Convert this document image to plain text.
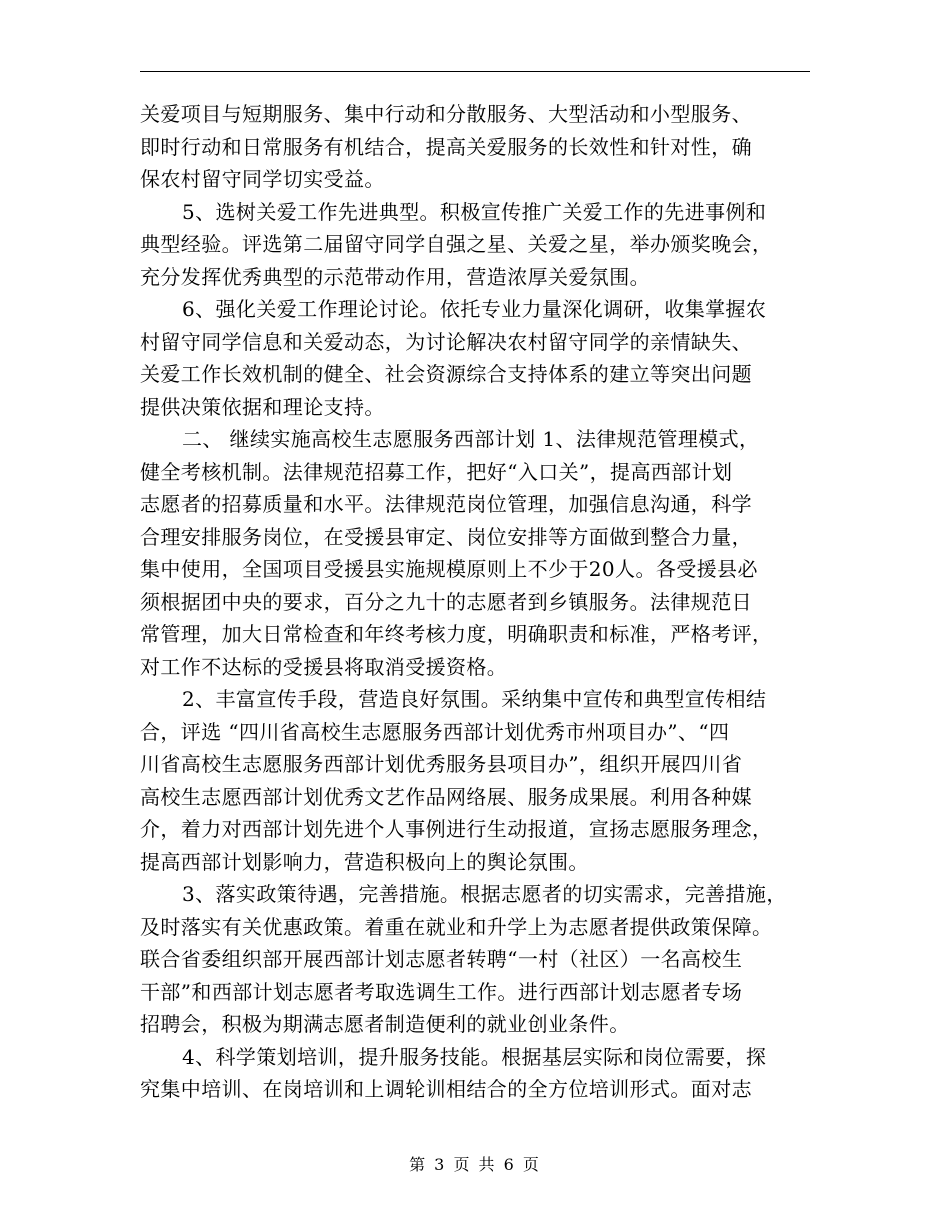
关爱项目与短期服务、集中行动和分散服务、大型活动和小型服务、
即时行动和日常服务有机结合，提高关爱服务的长效性和针对性，确
保农村留守同学切实受益。
5、选树关爱工作先进典型。积极宣传推广关爱工作的先进事例和
典型经验。评选第二届留守同学自强之星、关爱之星，举办颁奖晚会，
充分发挥优秀典型的示范带动作用，营造浓厚关爱氛围。
6、强化关爱工作理论讨论。依托专业力量深化调研，收集掌握农
村留守同学信息和关爱动态，为讨论解决农村留守同学的亲情缺失、
关爱工作长效机制的健全、社会资源综合支持体系的建立等突出问题
提供决策依据和理论支持。
二、 继续实施高校生志愿服务西部计划 1、法律规范管理模式，
健全考核机制。法律规范招募工作，把好“入口关”，提高西部计划
志愿者的招募质量和水平。法律规范岗位管理，加强信息沟通，科学
合理安排服务岗位，在受援县审定、岗位安排等方面做到整合力量，
集中使用，全国项目受援县实施规模原则上不少于20人。各受援县必
须根据团中央的要求，百分之九十的志愿者到乡镇服务。法律规范日
常管理，加大日常检查和年终考核力度，明确职责和标准，严格考评，
对工作不达标的受援县将取消受援资格。
2、丰富宣传手段，营造良好氛围。采纳集中宣传和典型宣传相结
合，评选 “四川省高校生志愿服务西部计划优秀市州项目办”、“四
川省高校生志愿服务西部计划优秀服务县项目办”，组织开展四川省
高校生志愿西部计划优秀文艺作品网络展、服务成果展。利用各种媒
介，着力对西部计划先进个人事例进行生动报道，宣扬志愿服务理念，
提高西部计划影响力，营造积极向上的舆论氛围。
3、落实政策待遇，完善措施。根据志愿者的切实需求，完善措施，
及时落实有关优惠政策。着重在就业和升学上为志愿者提供政策保障。
联合省委组织部开展西部计划志愿者转聘“一村（社区）一名高校生
干部”和西部计划志愿者考取选调生工作。进行西部计划志愿者专场
招聘会，积极为期满志愿者制造便利的就业创业条件。
4、科学策划培训，提升服务技能。根据基层实际和岗位需要，探
究集中培训、在岗培训和上调轮训相结合的全方位培训形式。面对志
第 3 页 共 6 页
